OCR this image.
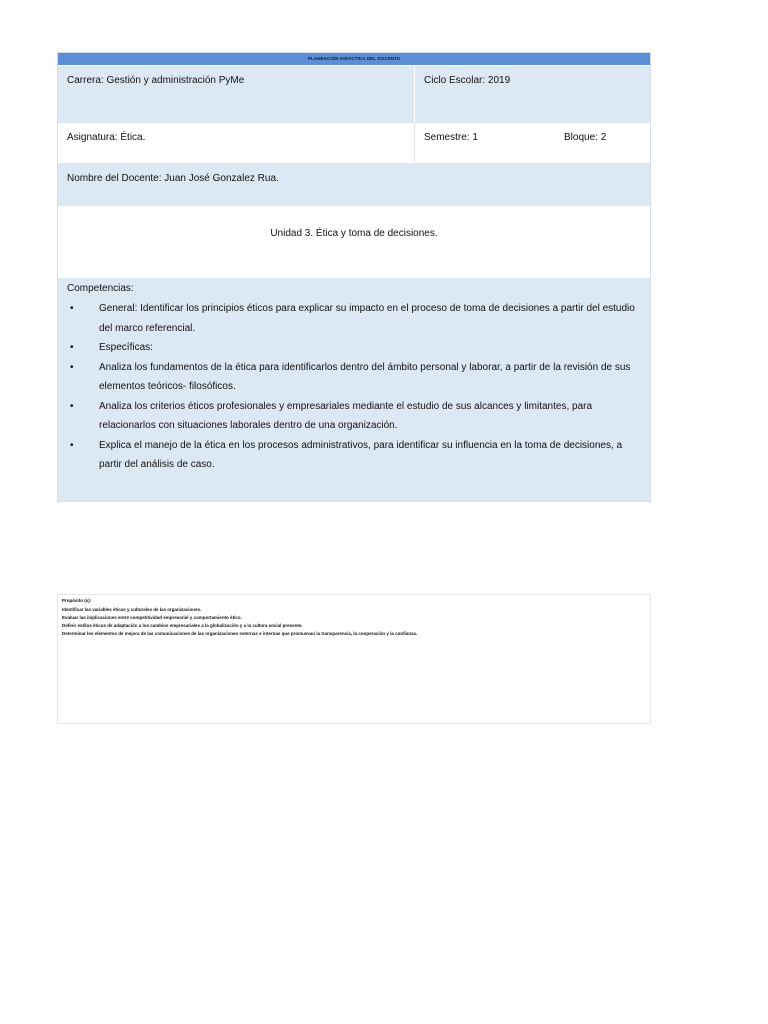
PLANEACIÓN DIDÁCTICA DEL DOCENTE
Carrera: Gestión y administración PyMe	Ciclo Escolar: 2019
Asignatura: Ética.	Semestre: 1	Bloque: 2
Nombre del Docente: Juan José Gonzalez Rua.
Unidad 3. Ética y toma de decisiones.
Competencias:
•	General: Identificar los principios éticos para explicar su impacto en el proceso de toma de decisiones a partir del estudio del marco referencial.
•	Específicas:
•	Analiza los fundamentos de la ética para identificarlos dentro del ámbito personal y laborar, a partir de la revisión de sus elementos teóricos- filosóficos.
•	Analiza los criterios éticos profesionales y empresariales mediante el estudio de sus alcances y limitantes, para relacionarlos con situaciones laborales dentro de una organización.
•	Explica el manejo de la ética en los procesos administrativos, para identificar su influencia en la toma de decisiones, a partir del análisis de caso.
Propósito (s):
Identificar las variables éticas y culturales de las organizaciones.
Evaluar las implicaciones entre competitividad empresarial y comportamiento ético.
Definir estilos éticos de adaptación a los cambios empresariales a la globalización y a la cultura social presente.
Determinar los elementos de mejora de las comunicaciones de las organizaciones externas e internas que promuevan la transparencia, la cooperación y la confianza.
